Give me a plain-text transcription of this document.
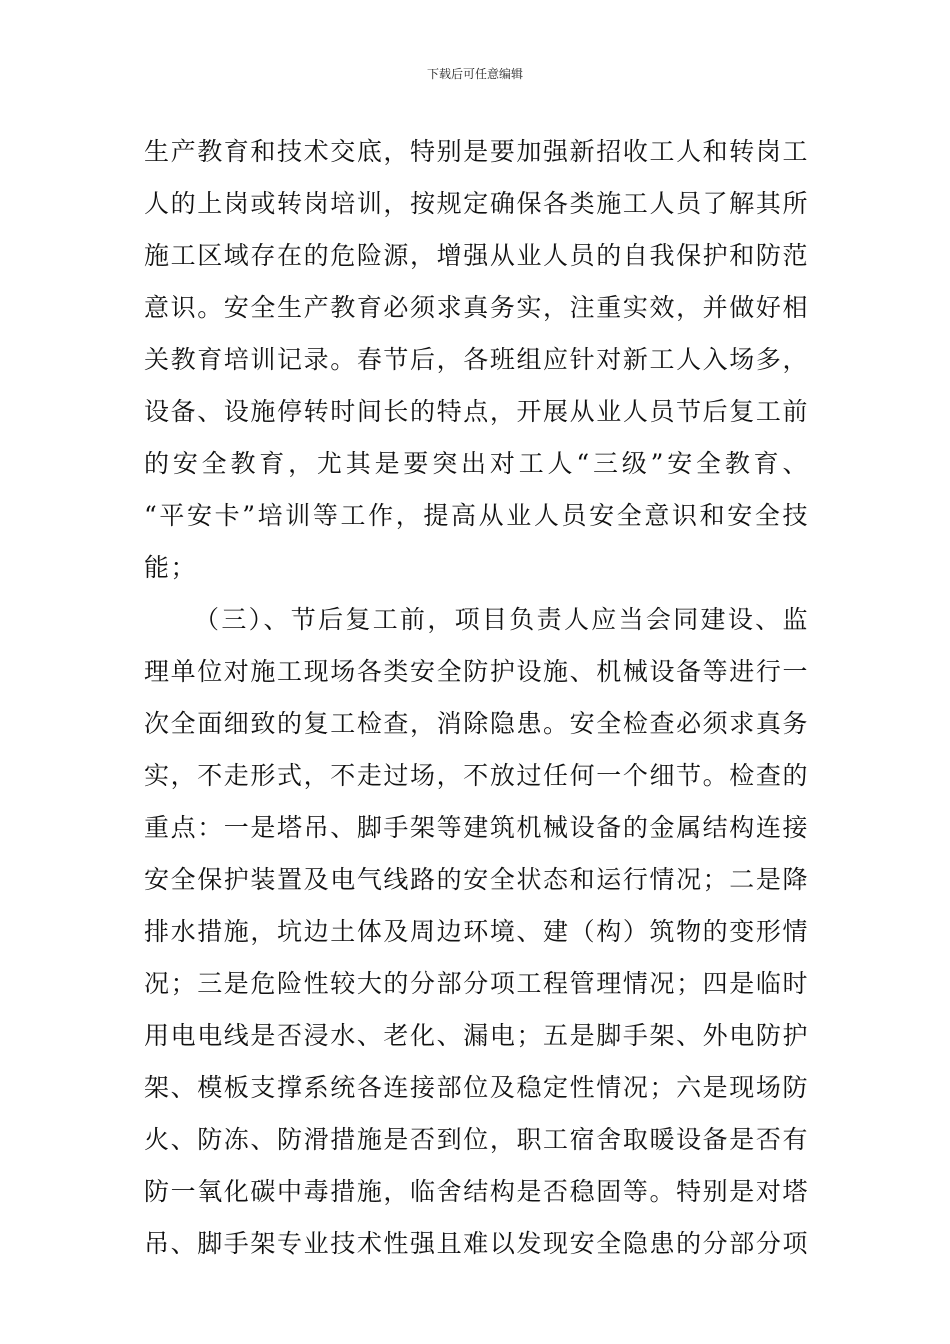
下载后可任意编辑
生产教育和技术交底，特别是要加强新招收工人和转岗工
人的上岗或转岗培训，按规定确保各类施工人员了解其所
施工区域存在的危险源，增强从业人员的自我保护和防范
意识。安全生产教育必须求真务实，注重实效，并做好相
关教育培训记录。春节后，各班组应针对新工人入场多，
设备、设施停转时间长的特点，开展从业人员节后复工前
的安全教育，尤其是要突出对工人“三级”安全教育、
“平安卡”培训等工作，提高从业人员安全意识和安全技
能；
（三）、节后复工前，项目负责人应当会同建设、监
理单位对施工现场各类安全防护设施、机械设备等进行一
次全面细致的复工检查，消除隐患。安全检查必须求真务
实，不走形式，不走过场，不放过任何一个细节。检查的
重点：一是塔吊、脚手架等建筑机械设备的金属结构连接
安全保护装置及电气线路的安全状态和运行情况；二是降
排水措施，坑边土体及周边环境、建（构）筑物的变形情
况；三是危险性较大的分部分项工程管理情况；四是临时
用电电线是否浸水、老化、漏电；五是脚手架、外电防护
架、模板支撑系统各连接部位及稳定性情况；六是现场防
火、防冻、防滑措施是否到位，职工宿舍取暖设备是否有
防一氧化碳中毒措施，临舍结构是否稳固等。特别是对塔
吊、脚手架专业技术性强且难以发现安全隐患的分部分项
